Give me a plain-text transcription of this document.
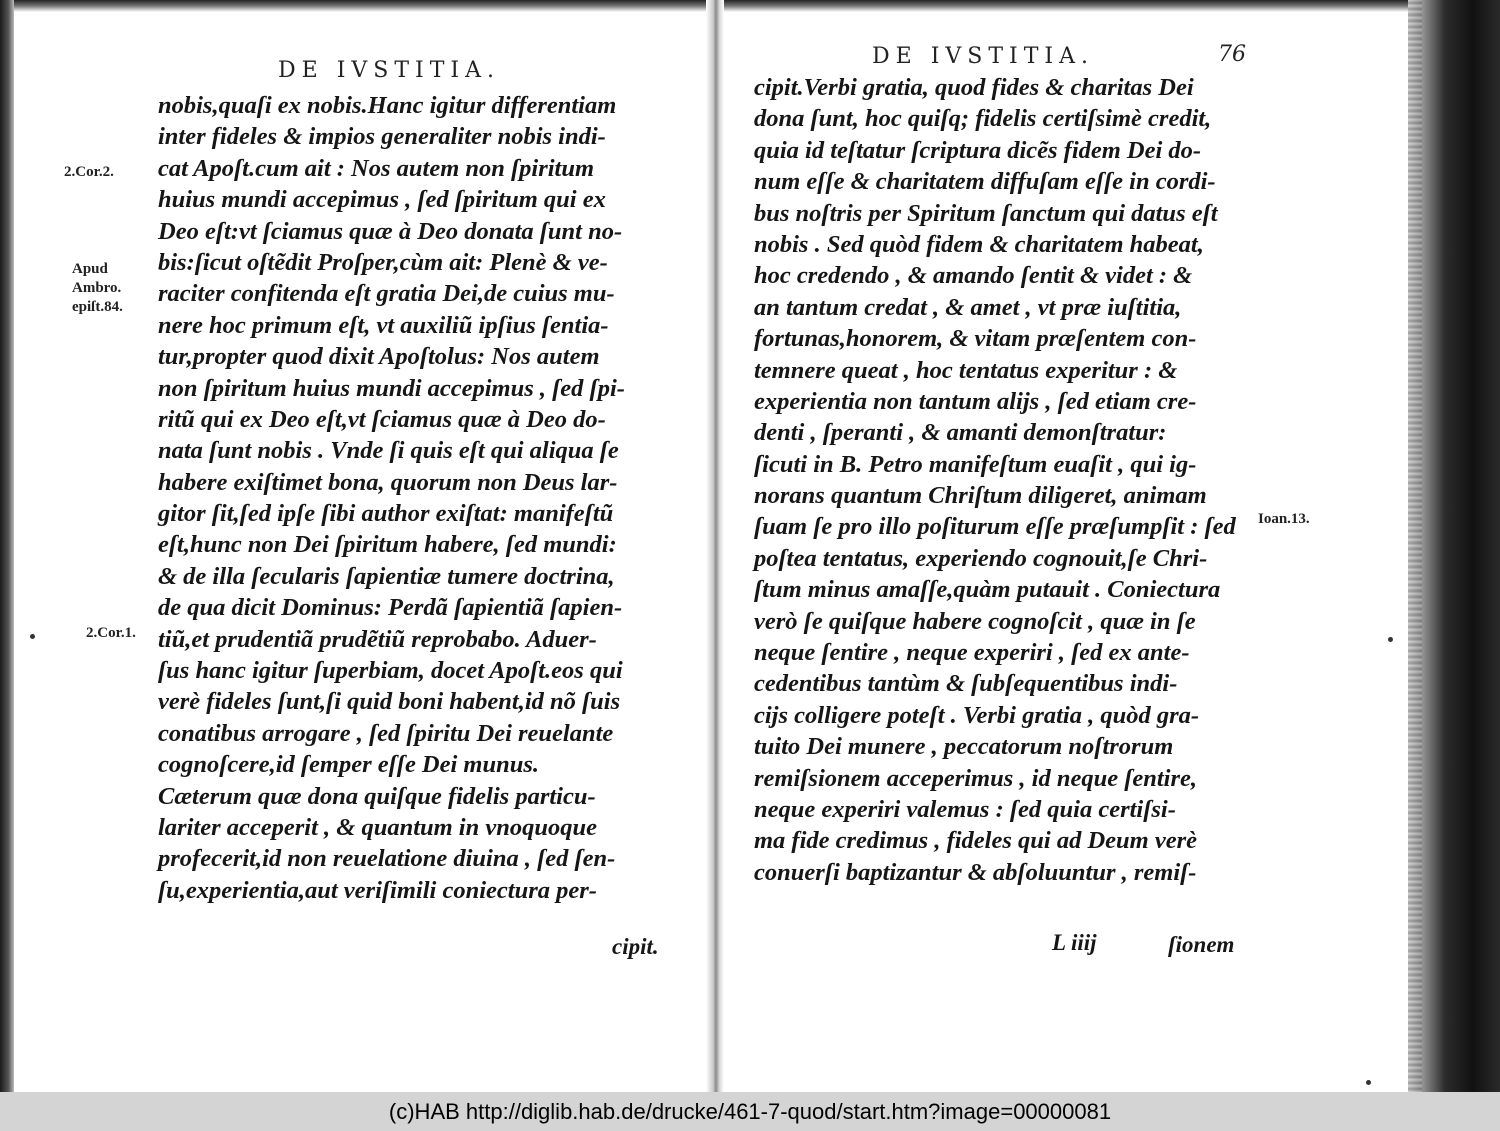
DE IVSTITIA.
nobis,quaſi ex nobis.Hanc igitur differentiam
inter fideles & impios generaliter nobis indi-
cat Apoſt.cum ait : Nos autem non ſpiritum
huius mundi accepimus , ſed ſpiritum qui ex
Deo eſt:vt ſciamus quæ à Deo donata ſunt no-
bis:ſicut oſtẽdit Proſper,cùm ait: Plenè & ve-
raciter confitenda eſt gratia Dei,de cuius mu-
nere hoc primum eſt, vt auxiliũ ipſius ſentia-
tur,propter quod dixit Apoſtolus: Nos autem
non ſpiritum huius mundi accepimus , ſed ſpi-
ritũ qui ex Deo eſt,vt ſciamus quæ à Deo do-
nata ſunt nobis . Vnde ſi quis eſt qui aliqua ſe
habere exiſtimet bona, quorum non Deus lar-
gitor ſit,ſed ipſe ſibi author exiſtat: manifeſtũ
eſt,hunc non Dei ſpiritum habere, ſed mundi:
& de illa ſecularis ſapientiæ tumere doctrina,
de qua dicit Dominus: Perdã ſapientiã ſapien-
tiũ,et prudentiã prudẽtiũ reprobabo. Aduer-
ſus hanc igitur ſuperbiam, docet Apoſt.eos qui
verè fideles ſunt,ſi quid boni habent,id nõ ſuis
conatibus arrogare , ſed ſpiritu Dei reuelante
cognoſcere,id ſemper eſſe Dei munus.
Cæterum quæ dona quiſque fidelis particu-
lariter acceperit , & quantum in vnoquoque
profecerit,id non reuelatione diuina , ſed ſen-
ſu,experientia,aut veriſimili coniectura per-
cipit.
2.Cor.2.
Apud
Ambro.
epiſt.84.
2.Cor.1.
DE IVSTITIA.	76
cipit.Verbi gratia, quod fides & charitas Dei
dona ſunt, hoc quiſq; fidelis certiſsimè credit,
quia id teſtatur ſcriptura dicẽs fidem Dei do-
num eſſe & charitatem diffuſam eſſe in cordi-
bus noſtris per Spiritum ſanctum qui datus eſt
nobis . Sed quòd fidem & charitatem habeat,
hoc credendo , & amando ſentit & videt : &
an tantum credat , & amet , vt præ iuſtitia,
fortunas,honorem, & vitam præſentem con-
temnere queat , hoc tentatus experitur : &
experientia non tantum alijs , ſed etiam cre-
denti , ſperanti , & amanti demonſtratur:
ſicuti in B. Petro manifeſtum euaſit , qui ig-
norans quantum Chriſtum diligeret, animam
ſuam ſe pro illo poſiturum eſſe præſumpſit : ſed
poſtea tentatus, experiendo cognouit,ſe Chri-
ſtum minus amaſſe,quàm putauit . Coniectura
verò ſe quiſque habere cognoſcit , quæ in ſe
neque ſentire , neque experiri , ſed ex ante-
cedentibus tantùm & ſubſequentibus indi-
cijs colligere poteſt . Verbi gratia , quòd gra-
tuito Dei munere , peccatorum noſtrorum
remiſsionem acceperimus , id neque ſentire,
neque experiri valemus : ſed quia certiſsi-
ma fide credimus , fideles qui ad Deum verè
conuerſi baptizantur & abſoluuntur , remiſ-
L iiij	ſionem
Ioan.13.
(c)HAB http://diglib.hab.de/drucke/461-7-quod/start.htm?image=00000081
